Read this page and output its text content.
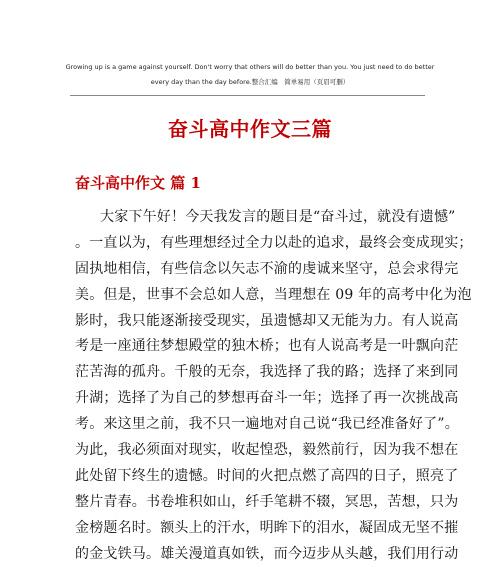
Growing up is a game against yourself. Don't worry that others will do better than you. You just need to do better
every day than the day before.整合汇编　简单易用（页眉可删）
奋斗高中作文三篇
奋斗高中作文 篇 1
大家下午好！今天我发言的题目是“奋斗过，就没有遗憾”
。一直以为，有些理想经过全力以赴的追求，最终会变成现实；
固执地相信，有些信念以矢志不渝的虔诚来坚守，总会求得完
美。但是，世事不会总如人意，当理想在 09 年的高考中化为泡
影时，我只能逐渐接受现实，虽遗憾却又无能为力。有人说高
考是一座通往梦想殿堂的独木桥；也有人说高考是一叶飘向茫
茫苦海的孤舟。千般的无奈，我选择了我的路；选择了来到同
升湖；选择了为自己的梦想再奋斗一年；选择了再一次挑战高
考。来这里之前，我不只一遍地对自己说“我已经准备好了”。
为此，我必须面对现实，收起惶恐，毅然前行，因为我不想在
此处留下终生的遗憾。时间的火把点燃了高四的日子，照亮了
整片青春。书卷堆积如山，纤手笔耕不辍，冥思，苦想，只为
金榜题名时。额头上的汗水，明眸下的泪水，凝固成无坚不摧
的金戈铁马。雄关漫道真如铁，而今迈步从头越，我们用行动
